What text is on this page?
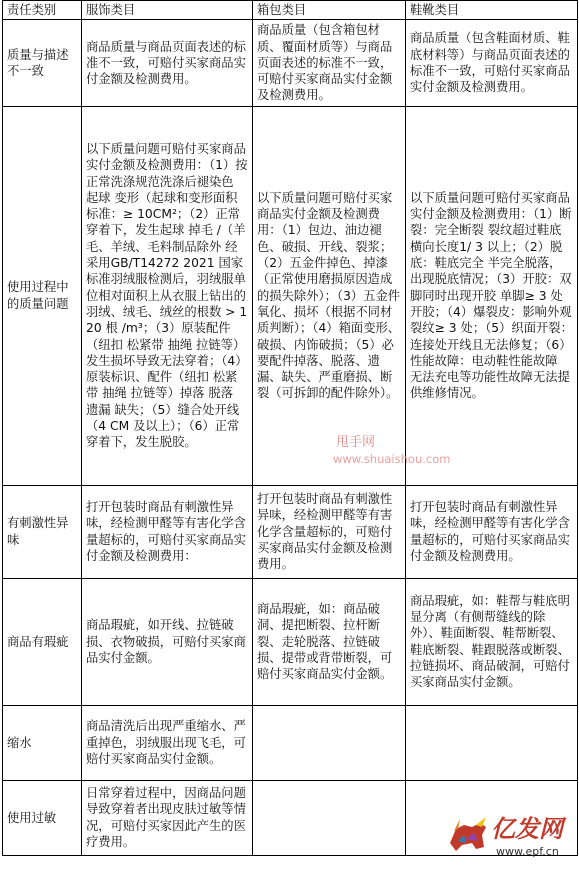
责任类别	服饰类目	箱包类目	鞋靴类目
质量与描述不一致	商品质量与商品页面表述的标准不一致，可赔付买家商品实付金额及检测费用。	商品质量（包含箱包材质、覆面材质等）与商品页面表述的标准不一致，可赔付买家商品实付金额及检测费用。	商品质量（包含鞋面材质、鞋底材料等）与商品页面表述的标准不一致，可赔付买家商品实付金额及检测费用。
使用过程中的质量问题	以下质量问题可赔付买家商品实付金额及检测费用：（1）按正常洗涤规范洗涤后褪染色 起球 变形（起球和变形面积标准：≥ 10CM²；（2）正常穿着下，发生起球 掉毛 /（羊毛、羊绒、毛料制品除外 经采用GB/T14272 2021 国家标准羽绒服检测后，羽绒服单位相对面积上从衣服上钻出的羽绒、绒毛、绒丝的根数 > 120 根 /m³；（3）原装配件（纽扣 松紧带 抽绳 拉链等）发生损坏导致无法穿着；（4）原装标识、配件（纽扣 松紧带 抽绳 拉链等）掉落 脱落 遗漏 缺失；（5）缝合处开线（4 CM 及以上）；（6）正常穿着下，发生脱胶。	以下质量问题可赔付买家商品实付金额及检测费用：（1）包边、油边褪色、破损、开线、裂浆；（2）五金件掉色、掉漆（正常使用磨损原因造成的损失除外）；（3）五金件氧化、损坏（根据不同材质判断）；（4）箱面变形、破损、内饰破损；（5）必要配件掉落、脱落、遗漏、缺失、严重磨损、断裂（可拆卸的配件除外）。	以下质量问题可赔付买家商品实付金额及检测费用：（1）断裂：完全断裂 裂纹超过鞋底横向长度1/ 3 以上；（2）脱底：鞋底完全 半完全脱落，出现脱底情况；（3）开胶：双脚同时出现开胶 单脚≥ 3 处开胶；（4）爆裂皮：影响外观 裂纹≥ 3 处；（5）织面开裂：连接处开线且无法修复；（6）性能故障：电动鞋性能故障 无法充电等功能性故障无法提供维修情况。
有刺激性异味	打开包装时商品有刺激性异味，经检测甲醛等有害化学含量超标的，可赔付买家商品实付金额及检测费用：	打开包装时商品有刺激性异味，经检测甲醛等有害化学含量超标的，可赔付买家商品实付金额及检测费用。	打开包装时商品有刺激性异味，经检测甲醛等有害化学含量超标的，可赔付买家商品实付金额及检测费用。
商品有瑕疵	商品瑕疵，如开线、拉链破损、衣物破损，可赔付买家商品实付金额。	商品瑕疵，如：商品破洞、提把断裂、拉杆断裂、走轮脱落、拉链破损、提带或背带断裂，可赔付买家商品实付金额。	商品瑕疵，如：鞋帮与鞋底明显分离（有侧帮缝线的除外）、鞋面断裂、鞋帮断裂、鞋底断裂、鞋跟脱落或断裂、拉链损坏、商品破洞，可赔付买家商品实付金额。
缩水	商品清洗后出现严重缩水、严重掉色，羽绒服出现飞毛，可赔付买家商品实付金额。		
使用过敏	日常穿着过程中，因商品问题导致穿着者出现皮肤过敏等情况，可赔付买家因此产生的医疗费用。		
甩手网
www.shuaishou.com
亿发网
www.epf.cn
